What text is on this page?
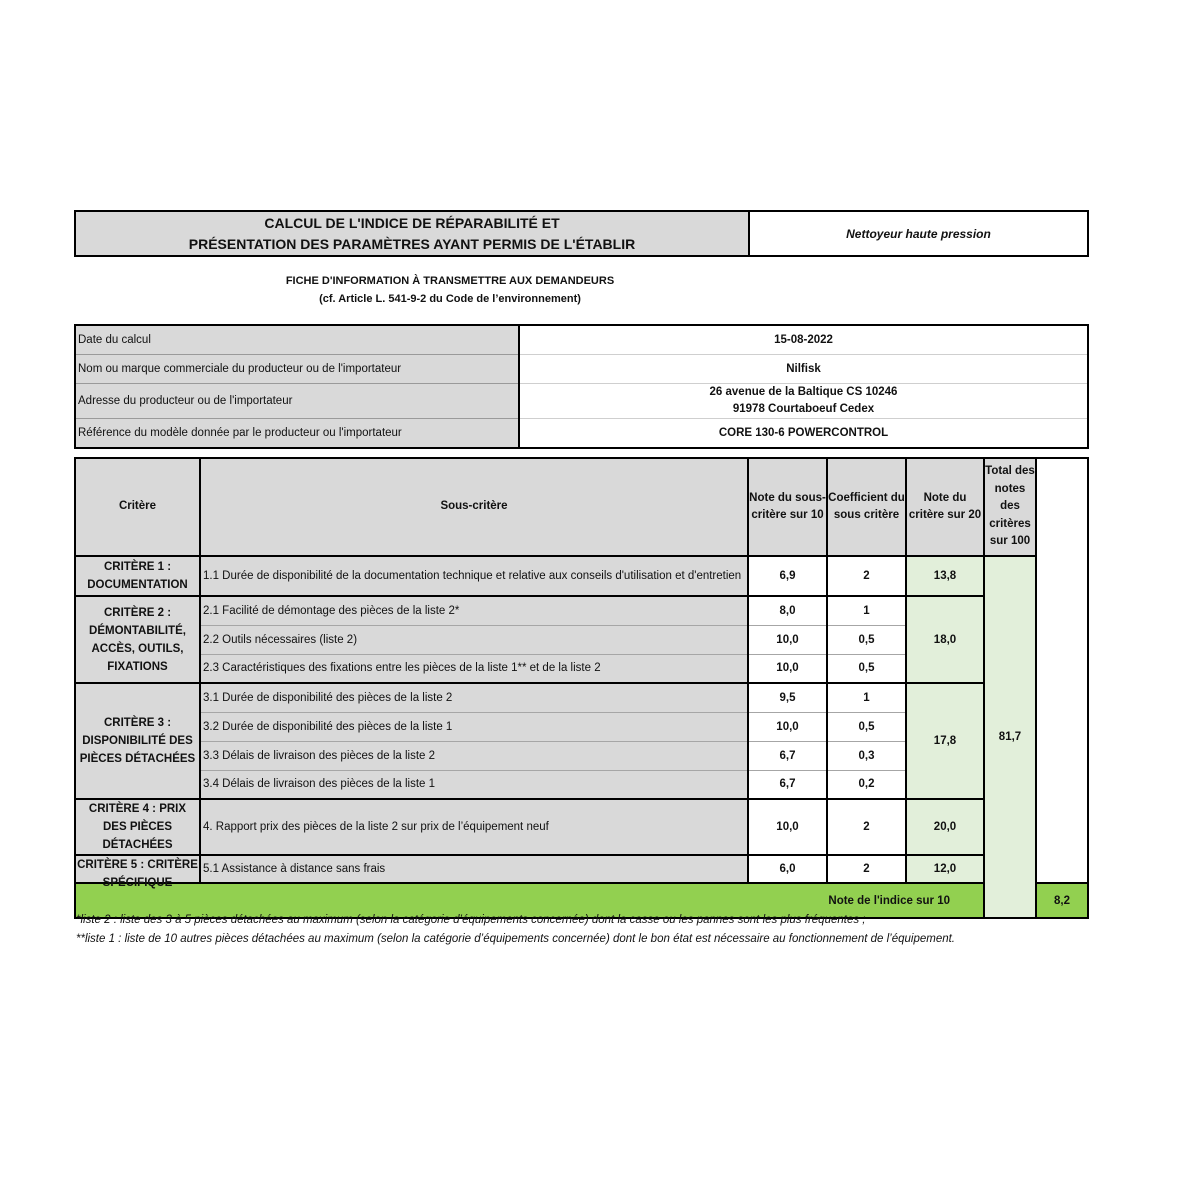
CALCUL DE L'INDICE DE RÉPARABILITÉ ET
PRÉSENTATION DES PARAMÈTRES AYANT PERMIS DE L'ÉTABLIR
	Nettoyeur haute pression
FICHE D'INFORMATION À TRANSMETTRE AUX DEMANDEURS
(cf. Article L. 541-9-2 du Code de l’environnement)
Date du calcul	15-08-2022

Nom ou marque commerciale du producteur ou de l'importateur	Nilfisk

Adresse du producteur ou de l'importateur	26 avenue de la Baltique CS 10246
91978 Courtaboeuf Cedex

Référence du modèle donnée par le producteur ou l'importateur	CORE 130-6 POWERCONTROL
Critère	Sous-critère	Note du sous-critère sur 10	Coefficient du sous critère	Note du critère sur 20	Total des notes des critères sur 100	
CRITÈRE 1 : DOCUMENTATION	1.1 Durée de disponibilité de la documentation technique et relative aux conseils d'utilisation et d'entretien	6,9	2	13,8	81,7	
CRITÈRE 2 : DÉMONTABILITÉ, ACCÈS, OUTILS, FIXATIONS	2.1 Facilité de démontage des pièces de la liste 2*	8,0	1	18,0		
	2.2 Outils nécessaires (liste 2)	10,0	0,5			
	2.3 Caractéristiques des fixations entre les pièces de la liste 1** et de la liste 2	10,0	0,5			
CRITÈRE 3 : DISPONIBILITÉ DES PIÈCES DÉTACHÉES	3.1 Durée de disponibilité des pièces de la liste 2	9,5	1	17,8		
	3.2 Durée de disponibilité des pièces de la liste 1	10,0	0,5			
	3.3 Délais de livraison des pièces de la liste 2	6,7	0,3			
	3.4 Délais de livraison des pièces de la liste 1	6,7	0,2			
CRITÈRE 4 : PRIX DES PIÈCES DÉTACHÉES	4. Rapport prix des pièces de la liste 2 sur prix de l’équipement neuf	10,0	2	20,0		

CRITÈRE 5 : CRITÈRE SPÉCIFIQUE	5.1 Assistance à distance sans frais	6,0	2	12,0		
Note de l'indice sur 10						8,2
*liste 2 : liste des 3 à 5 pièces détachées au maximum (selon la catégorie d’équipements concernée) dont la casse ou les pannes sont les plus fréquentes ;
**liste 1 : liste de 10 autres pièces détachées au maximum (selon la catégorie d’équipements concernée) dont le bon état est nécessaire au fonctionnement de l’équipement.
